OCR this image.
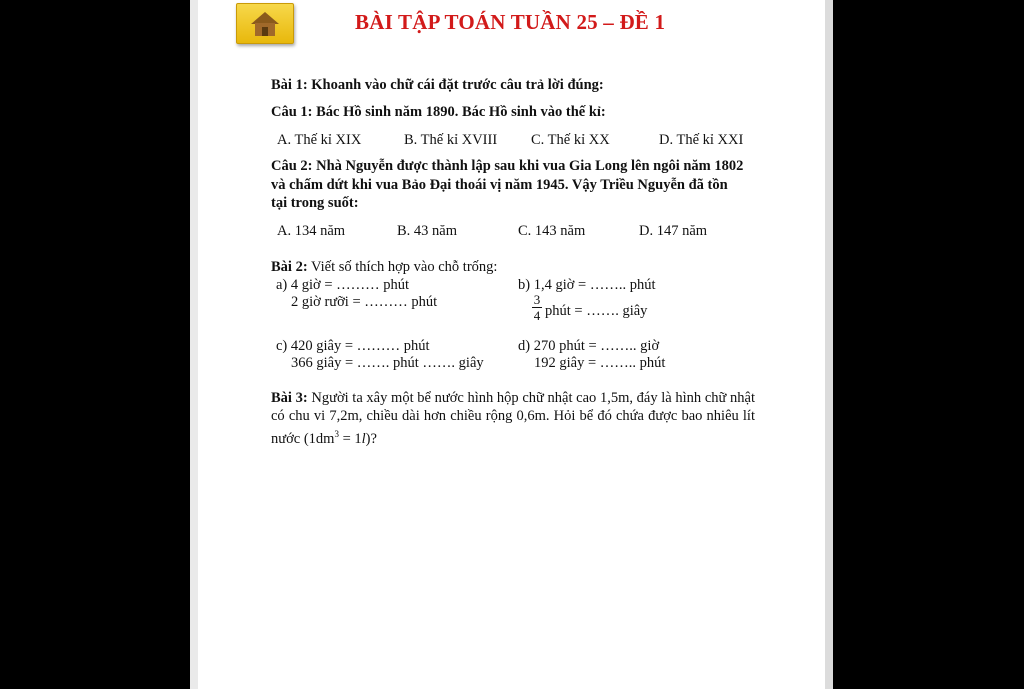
BÀI TẬP TOÁN TUẦN 25 – ĐỀ 1
Bài 1: Khoanh vào chữ cái đặt trước câu trả lời đúng:
Câu 1: Bác Hồ sinh năm 1890. Bác Hồ sinh vào thế kỉ:
A. Thế kỉ XIX	B. Thế kỉ XVIII C. Thế kỉ XX	D. Thế kỉ XXI
Câu 2: Nhà Nguyễn được thành lập sau khi vua Gia Long lên ngôi năm 1802
và chấm dứt khi vua Bảo Đại thoái vị năm 1945. Vậy Triều Nguyễn đã tồn
tại trong suốt:
A. 134 năm	B. 43 năm	C. 143 năm	D. 147 năm
Bài 2: Viết số thích hợp vào chỗ trống:
a) 4 giờ = ……… phút
2 giờ rưỡi = ……… phút
b) 1,4 giờ = …….. phút
3
4 phút = ……. giây
c) 420 giây = ……… phút
366 giây = ……. phút ……. giây
d) 270 phút = …….. giờ
192 giây = …….. phút
Bài 3: Người ta xây một bể nước hình hộp chữ nhật cao 1,5m, đáy là hình chữ nhật có chu vi 7,2m, chiều dài hơn chiều rộng 0,6m. Hỏi bể đó chứa được bao nhiêu lít nước $(1dm^3 = 1l)$?
